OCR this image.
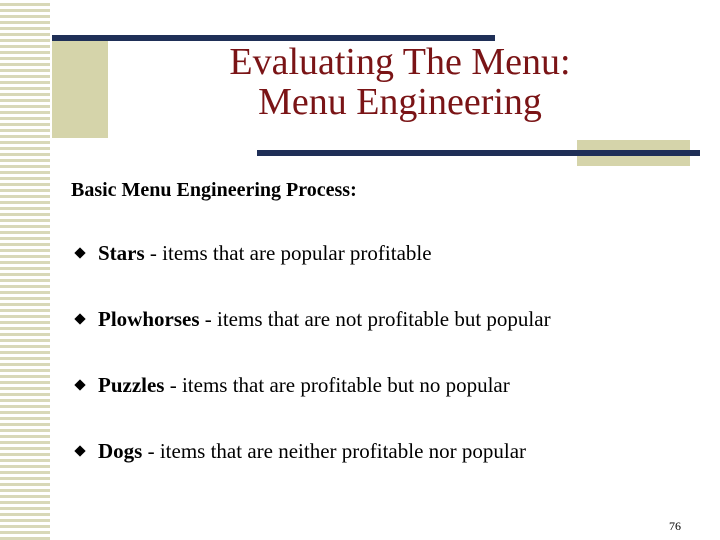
Evaluating The Menu:
Menu Engineering
Basic Menu Engineering Process:
Stars - items that are popular profitable
Plowhorses - items that are not profitable but popular
Puzzles - items that are profitable but no popular
Dogs - items that are neither profitable nor popular
76
